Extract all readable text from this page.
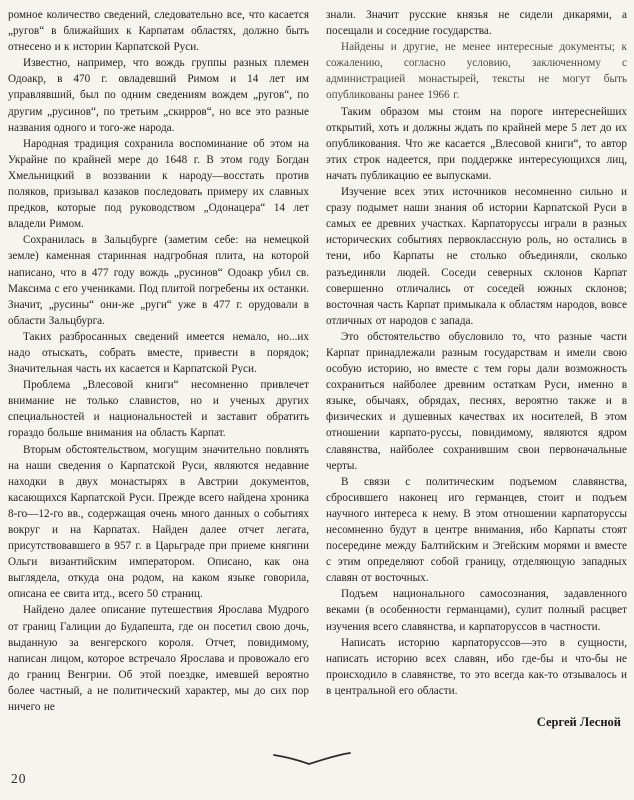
ромное количество сведений, следовательно все, что касается „ругов“ в ближайших к Карпатам областях, должно быть отнесено и к истории Карпатской Руси.

Известно, например, что вождь группы разных племен Одоакр, в 470 г. овладевший Римом и 14 лет им управлявший, был по одним сведениям вождем „ругов“, по другим „русинов“, по третьим „скирров“, но все это разные названия одного и того-же народа.

Народная традиция сохранила воспоминание об этом на Украйне по крайней мере до 1648 г. В этом году Богдан Хмельницкий в воззвании к народу—восстать против поляков, призывал казаков последовать примеру их славных предков, которые под руководством „Одонацера“ 14 лет владели Римом.

Сохранилась в Зальцбурге (заметим себе: на немецкой земле) каменная старинная надгробная плита, на которой написано, что в 477 году вождь „русинов“ Одоакр убил св. Максима с его учениками. Под плитой погребены их останки. Значит, „русины“ они-же „руги“ уже в 477 г. орудовали в области Зальцбурга.

Таких разбросанных сведений имеется немало, но...их надо отыскать, собрать вместе, привести в порядок; Значительная часть их касается и Карпатской Руси.

Проблема „Влесовой книги“ несомненно привлечет внимание не только славистов, но и ученых других специальностей и национальностей и заставит обратить гораздо больше внимания на область Карпат.

Вторым обстоятельством, могущим значительно повлиять на наши сведения о Карпатской Руси, являются недавние находки в двух монастырях в Австрии документов, касающихся Карпатской Руси. Прежде всего найдена хроника 8-го—12-го вв., содержащая очень много данных о событиях вокруг и на Карпатах. Найден далее отчет легата, присутствовавшего в 957 г. в Царьграде при приеме княгини Ольги византийским императором. Описано, как она выглядела, откуда она родом, на каком языке говорила, описана ее свита итд., всего 50 страниц.

Найдено далее описание путешествия Ярослава Мудрого от границ Галиции до Будапешта, где он посетил свою дочь, выданную за венгерского короля. Отчет, повидимому, написан лицом, которое встречало Ярослава и провожало его до границ Венгрии. Об этой поездке, имевшей вероятно более частный, а не политический характер, мы до сих пор ничего не

знали. Значит русские князья не сидели дикарями, а посещали и соседние государства.

Найдены и другие, не менее интересные документы; к сожалению, согласно условию, заключенному с администрацией монастырей, тексты не могут быть опубликованы ранее 1966 г.

Таким образом мы стоим на пороге интереснейших открытий, хоть и должны ждать по крайней мере 5 лет до их опубликования. Что же касается „Влесовой книги“, то автор этих строк надеется, при поддержке интересующихся лиц, начать публикацию ее выпусками.

Изучение всех этих источников несомненно сильно и сразу подымет наши знания об истории Карпатской Руси в самых ее древних участках. Карпаторуссы играли в разных исторических событиях первоклассную роль, но остались в тени, ибо Карпаты не столько объединяли, сколько разъединяли людей. Соседи северных склонов Карпат совершенно отличались от соседей южных склонов; восточная часть Карпат примыкала к областям народов, вовсе отличных от народов с запада.

Это обстоятельство обусловило то, что разные части Карпат принадлежали разным государствам и имели свою особую историю, но вместе с тем горы дали возможность сохраниться найболее древним остаткам Руси, именно в языке, обычаях, обрядах, песнях, вероятно также и в физических и душевных качествах их носителей, В этом отношении карпато-руссы, повидимому, являются ядром славянства, найболее сохранившим свои первоначальные черты.

В связи с политическим подъемом славянства, сбросившего наконец иго германцев, стоит и подъем научного интереса к нему. В этом отношении карпаторуссы несомненно будут в центре внимания, ибо Карпаты стоят посередине между Балтийским и Эгейским морями и вместе с этим определяют собой границу, отделяющую западных славян от восточных.

Подъем национального самосознания, задавленного веками (в особенности германцами), сулит полный расцвет изучения всего славянства, и карпаторуссов в частности.

Написать историю карпаторуссов—это в сущности, написать историю всех славян, ибо где-бы и что-бы не происходило в славянстве, то это всегда как-то отзывалось и в центральной его области.

Сергей Лесной
20
